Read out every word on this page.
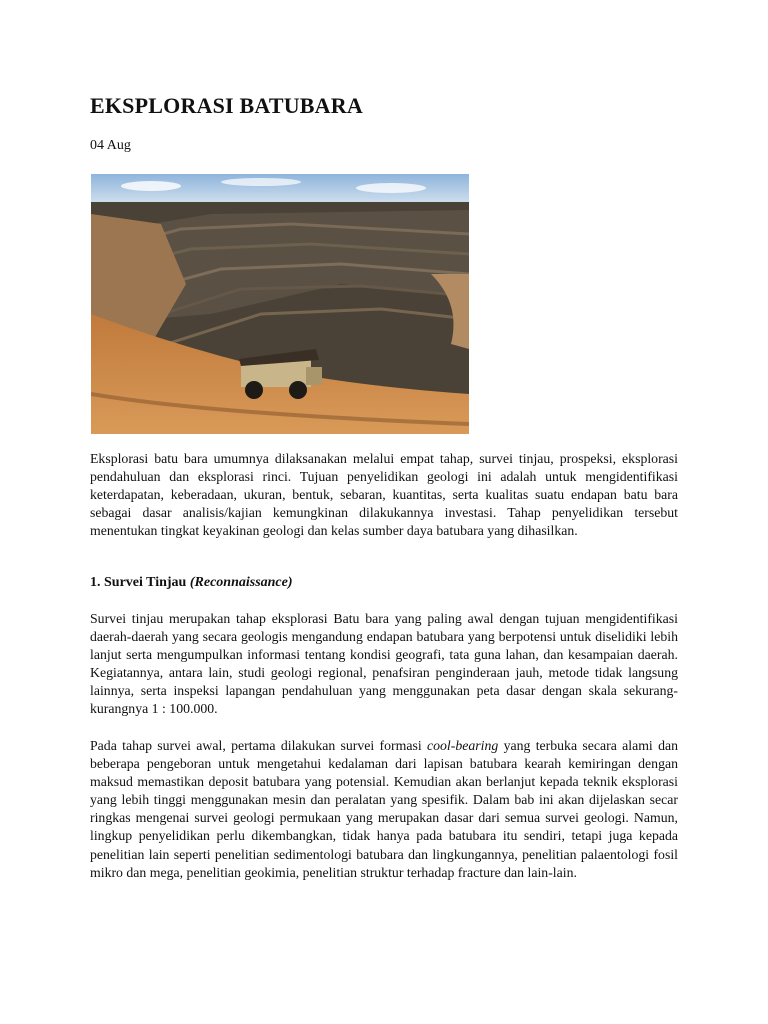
EKSPLORASI BATUBARA
04 Aug

Eksplorasi batu bara umumnya dilaksanakan melalui empat tahap, survei tinjau, prospeksi, eksplorasi pendahuluan dan eksplorasi rinci. Tujuan penyelidikan geologi ini adalah untuk mengidentifikasi keterdapatan, keberadaan, ukuran, bentuk, sebaran, kuantitas, serta kualitas suatu endapan batu bara sebagai dasar analisis/kajian kemungkinan dilakukannya investasi. Tahap penyelidikan tersebut menentukan tingkat keyakinan geologi dan kelas sumber daya batubara yang dihasilkan.

1. Survei Tinjau (Reconnaissance)

Survei tinjau merupakan tahap eksplorasi Batu bara yang paling awal dengan tujuan mengidentifikasi daerah-daerah yang secara geologis mengandung endapan batubara yang berpotensi untuk diselidiki lebih lanjut serta mengumpulkan informasi tentang kondisi geografi, tata guna lahan, dan kesampaian daerah. Kegiatannya, antara lain, studi geologi regional, penafsiran penginderaan jauh, metode tidak langsung lainnya, serta inspeksi lapangan pendahuluan yang menggunakan peta dasar dengan skala sekurang-kurangnya 1 : 100.000.

Pada tahap survei awal, pertama dilakukan survei formasi cool-bearing yang terbuka secara alami dan beberapa pengeboran untuk mengetahui kedalaman dari lapisan batubara kearah kemiringan dengan maksud memastikan deposit batubara yang potensial. Kemudian akan berlanjut kepada teknik eksplorasi yang lebih tinggi menggunakan mesin dan peralatan yang spesifik. Dalam bab ini akan dijelaskan secar ringkas mengenai survei geologi permukaan yang merupakan dasar dari semua survei geologi. Namun, lingkup penyelidikan perlu dikembangkan, tidak hanya pada batubara itu sendiri, tetapi juga kepada penelitian lain seperti penelitian sedimentologi batubara dan lingkungannya, penelitian palaentologi fosil mikro dan mega, penelitian geokimia, penelitian struktur terhadap fracture dan lain-lain.
